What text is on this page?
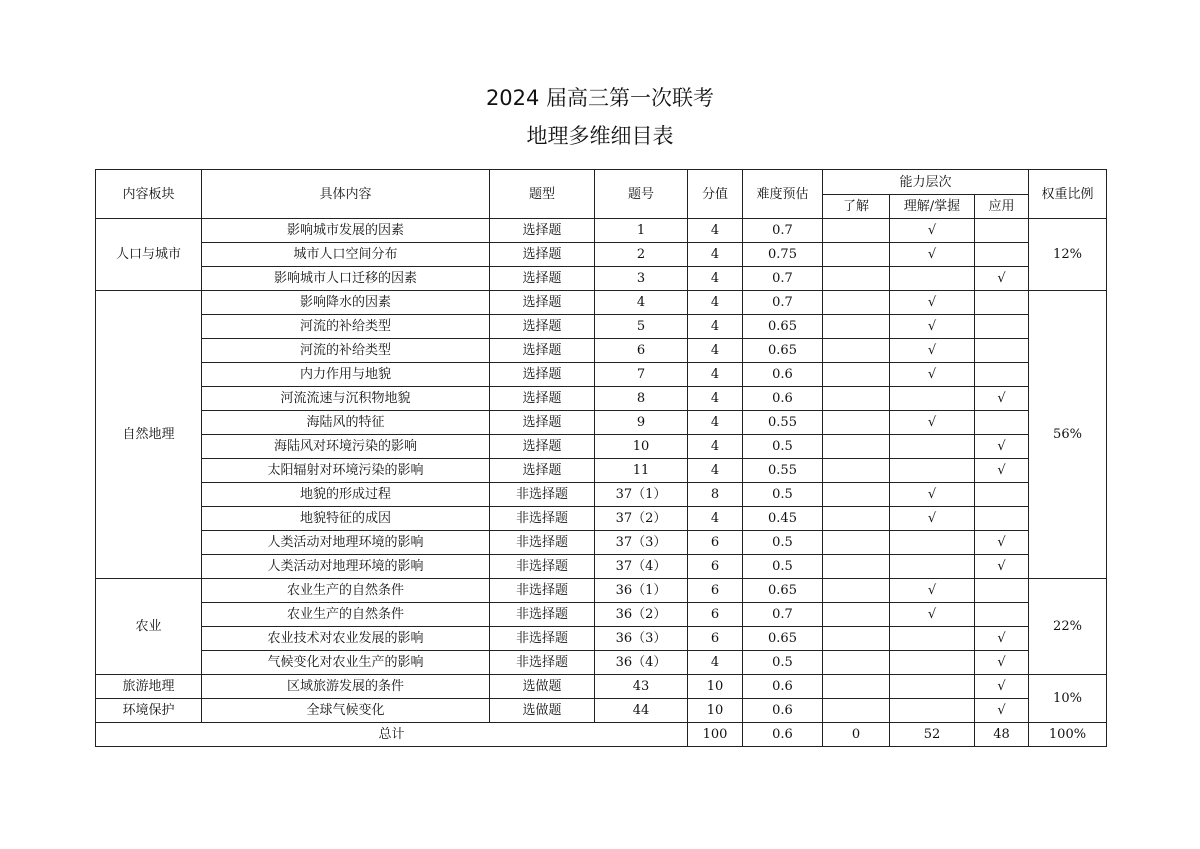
2024 届高三第一次联考
地理多维细目表
内容板块	具体内容	题型	题号	分值	难度预估	能力层次			权重比例
						了解	理解/掌握	应用	
人口与城市	影响城市发展的因素	选择题	1	4	0.7		√		12%
	城市人口空间分布	选择题	2	4	0.75		√		
	影响城市人口迁移的因素	选择题	3	4	0.7			√	
自然地理	影响降水的因素	选择题	4	4	0.7		√		56%
	河流的补给类型	选择题	5	4	0.65		√		
	河流的补给类型	选择题	6	4	0.65		√		
	内力作用与地貌	选择题	7	4	0.6		√		
	河流流速与沉积物地貌	选择题	8	4	0.6			√	
	海陆风的特征	选择题	9	4	0.55		√		
	海陆风对环境污染的影响	选择题	10	4	0.5			√	
	太阳辐射对环境污染的影响	选择题	11	4	0.55			√	
	地貌的形成过程	非选择题	37（1）	8	0.5		√		
	地貌特征的成因	非选择题	37（2）	4	0.45		√		
	人类活动对地理环境的影响	非选择题	37（3）	6	0.5			√	
	人类活动对地理环境的影响	非选择题	37（4）	6	0.5			√	
农业	农业生产的自然条件	非选择题	36（1）	6	0.65		√		22%
	农业生产的自然条件	非选择题	36（2）	6	0.7		√		
	农业技术对农业发展的影响	非选择题	36（3）	6	0.65			√	
	气候变化对农业生产的影响	非选择题	36（4）	4	0.5			√	
旅游地理	区域旅游发展的条件	选做题	43	10	0.6			√	10%
环境保护	全球气候变化	选做题	44	10	0.6			√	
总计				100	0.6	0	52	48	100%
